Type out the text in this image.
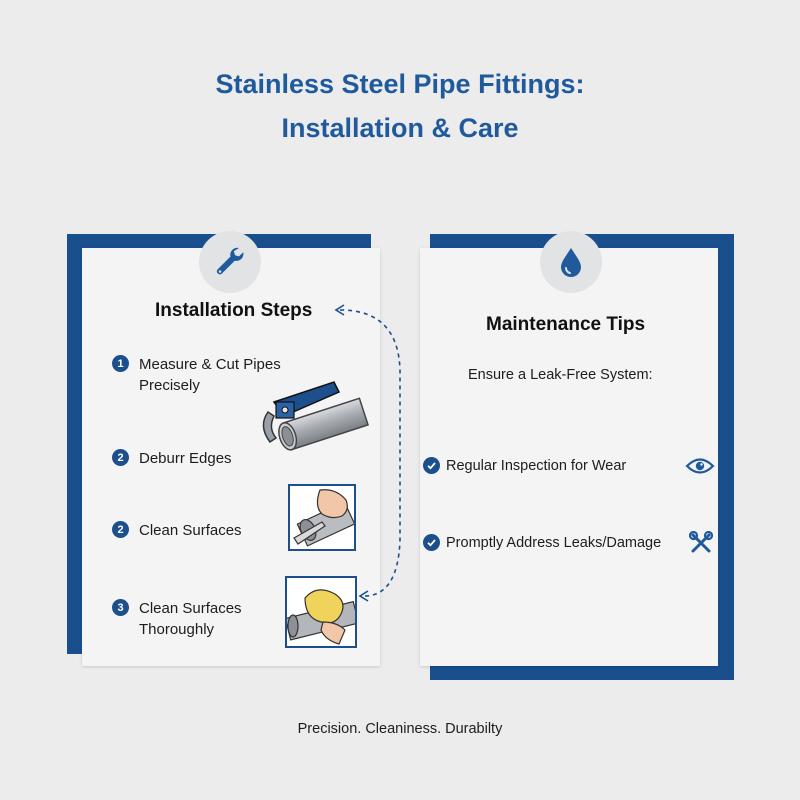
Stainless Steel Pipe Fittings:
Installation & Care
Installation Steps
1	Measure & Cut Pipes Precisely
2	Deburr Edges
2	Clean Surfaces
3	Clean Surfaces Thoroughly
Maintenance Tips
Ensure a Leak-Free System:
Regular Inspection for Wear
Promptly Address Leaks/Damage
Precision. Cleaniness. Durabilty
